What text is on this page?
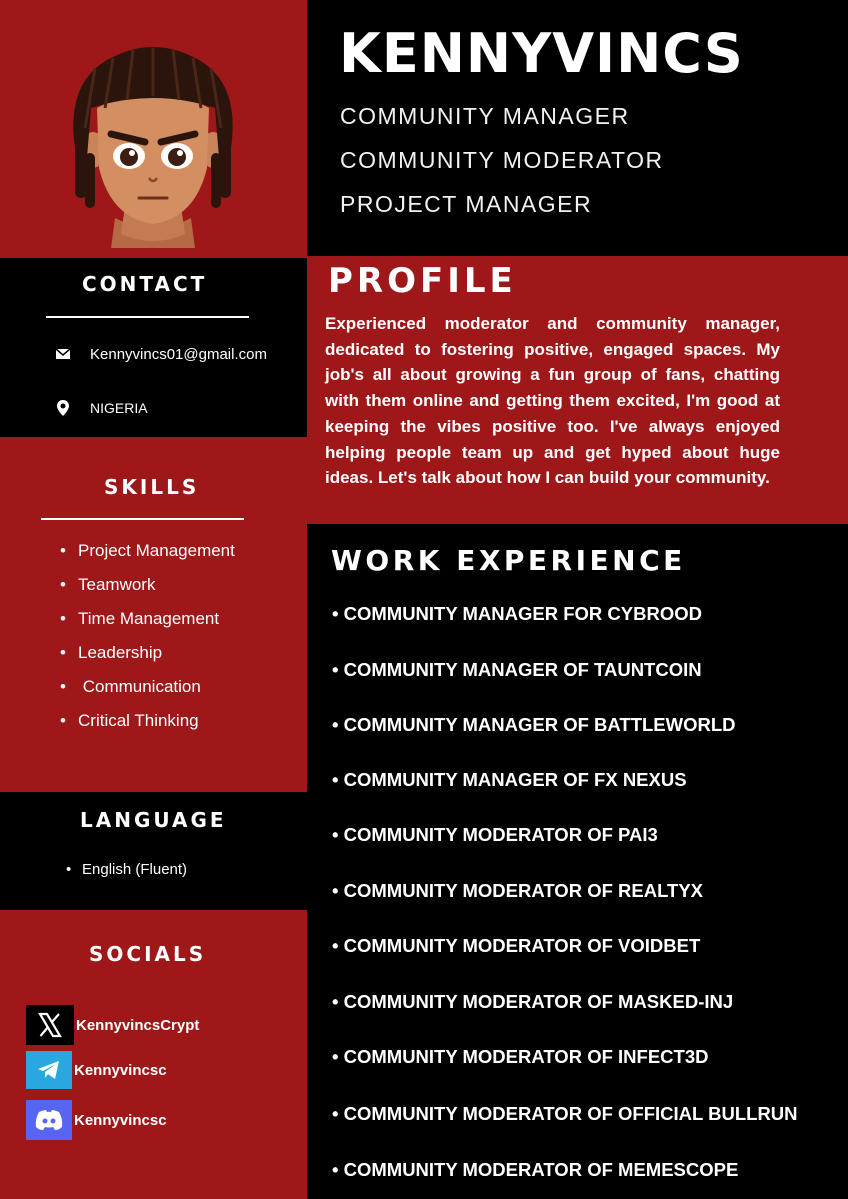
KENNYVINCS
COMMUNITY MANAGER
COMMUNITY MODERATOR
PROJECT MANAGER
CONTACT
Kennyvincs01@gmail.com
NIGERIA
SKILLS
• Project Management
• Teamwork
• Time Management
• Leadership
•  Communication
• Critical Thinking
LANGUAGE
• English (Fluent)
SOCIALS
KennyvincsCrypt
Kennyvincsc
Kennyvincsc
PROFILE
Experienced moderator and community manager, dedicated to fostering positive, engaged spaces. My job's all about growing a fun group of fans, chatting with them online and getting them excited, I'm good at keeping the vibes positive too. I've always enjoyed helping people team up and get hyped about huge ideas. Let's talk about how I can build your community.
WORK EXPERIENCE
• COMMUNITY MANAGER FOR CYBROOD
• COMMUNITY MANAGER OF TAUNTCOIN
• COMMUNITY MANAGER OF BATTLEWORLD
• COMMUNITY MANAGER OF FX NEXUS
• COMMUNITY MODERATOR OF PAI3
• COMMUNITY MODERATOR OF REALTYX
• COMMUNITY MODERATOR OF VOIDBET
• COMMUNITY MODERATOR OF MASKED-INJ
• COMMUNITY MODERATOR OF INFECT3D
• COMMUNITY MODERATOR OF OFFICIAL BULLRUN
• COMMUNITY MODERATOR OF MEMESCOPE
